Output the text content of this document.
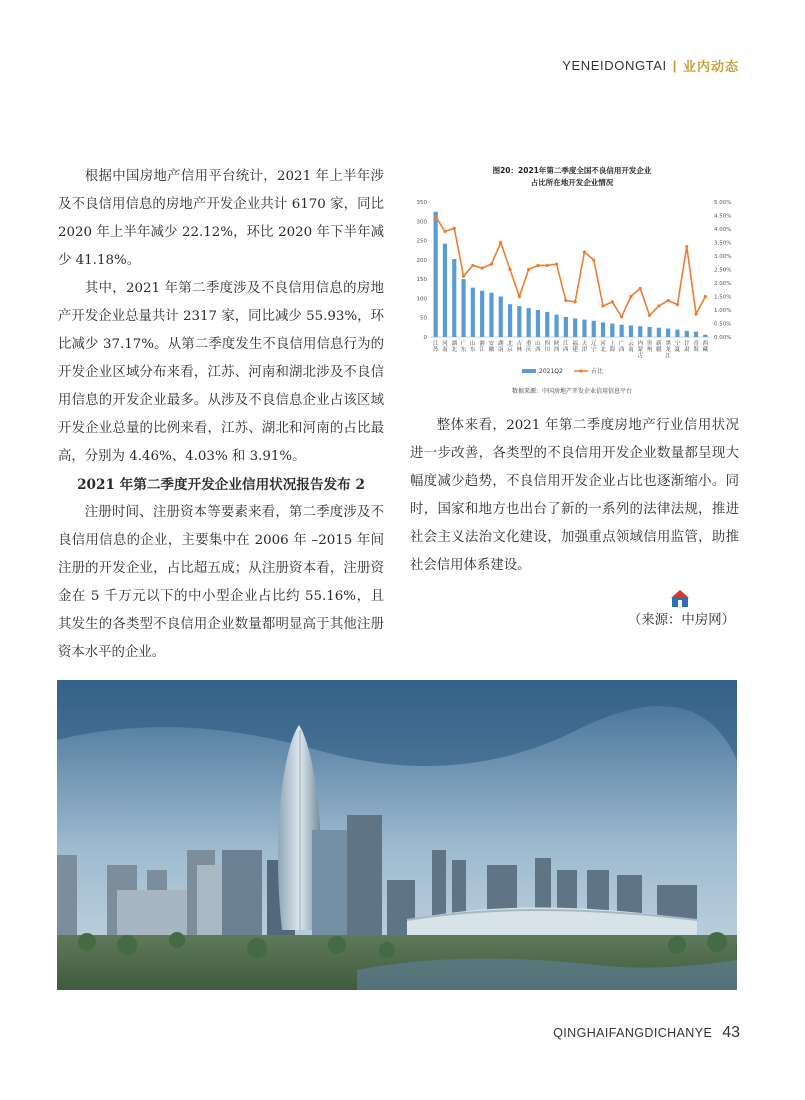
YENEIDONGTAI | 业内动态

根据中国房地产信用平台统计，2021 年上半年涉及不良信用信息的房地产开发企业共计 6170 家，同比 2020 年上半年减少 22.12%，环比 2020 年下半年减少 41.18%。

其中，2021 年第二季度涉及不良信用信息的房地产开发企业总量共计 2317 家，同比减少 55.93%，环比减少 37.17%。从第二季度发生不良信用信息行为的开发企业区域分布来看，江苏、河南和湖北涉及不良信用信息的开发企业最多。从涉及不良信息企业占该区域开发企业总量的比例来看，江苏、湖北和河南的占比最高，分别为 4.46%、4.03% 和 3.91%。

2021 年第二季度开发企业信用状况报告发布 2

注册时间、注册资本等要素来看，第二季度涉及不良信用信息的企业，主要集中在 2006 年 –2015 年间注册的开发企业，占比超五成；从注册资本看，注册资金在 5 千万元以下的中小型企业占比约 55.16%，且其发生的各类型不良信用企业数量都明显高于其他注册资本水平的企业。

图20：2021年第二季度全国不良信用开发企业
占比所在地开发企业情况
350
300
250
200
150
100
50
0
5.00%
4.50%
4.00%
3.50%
3.00%
2.50%
2.00%
1.50%
1.00%
0.50%
0.00%
江苏
河南
湖北
广东
山东
浙江
安徽
湖南
北京
吉林
重庆
山西
四川
陕西
江西
福建
天津
辽宁
河北
上海
广西
云南
内蒙古
贵州
新疆
黑龙江
宁夏
甘肃
青海
西藏
2021Q2	占比
数据来源：中国房地产开发企业信用信息平台

整体来看，2021 年第二季度房地产行业信用状况进一步改善，各类型的不良信用开发企业数量都呈现大幅度减少趋势，不良信用开发企业占比也逐渐缩小。同时，国家和地方也出台了新的一系列的法律法规，推进社会主义法治文化建设，加强重点领域信用监管，助推社会信用体系建设。

（来源：中房网）
QINGHAIFANGDICHANYE 43
